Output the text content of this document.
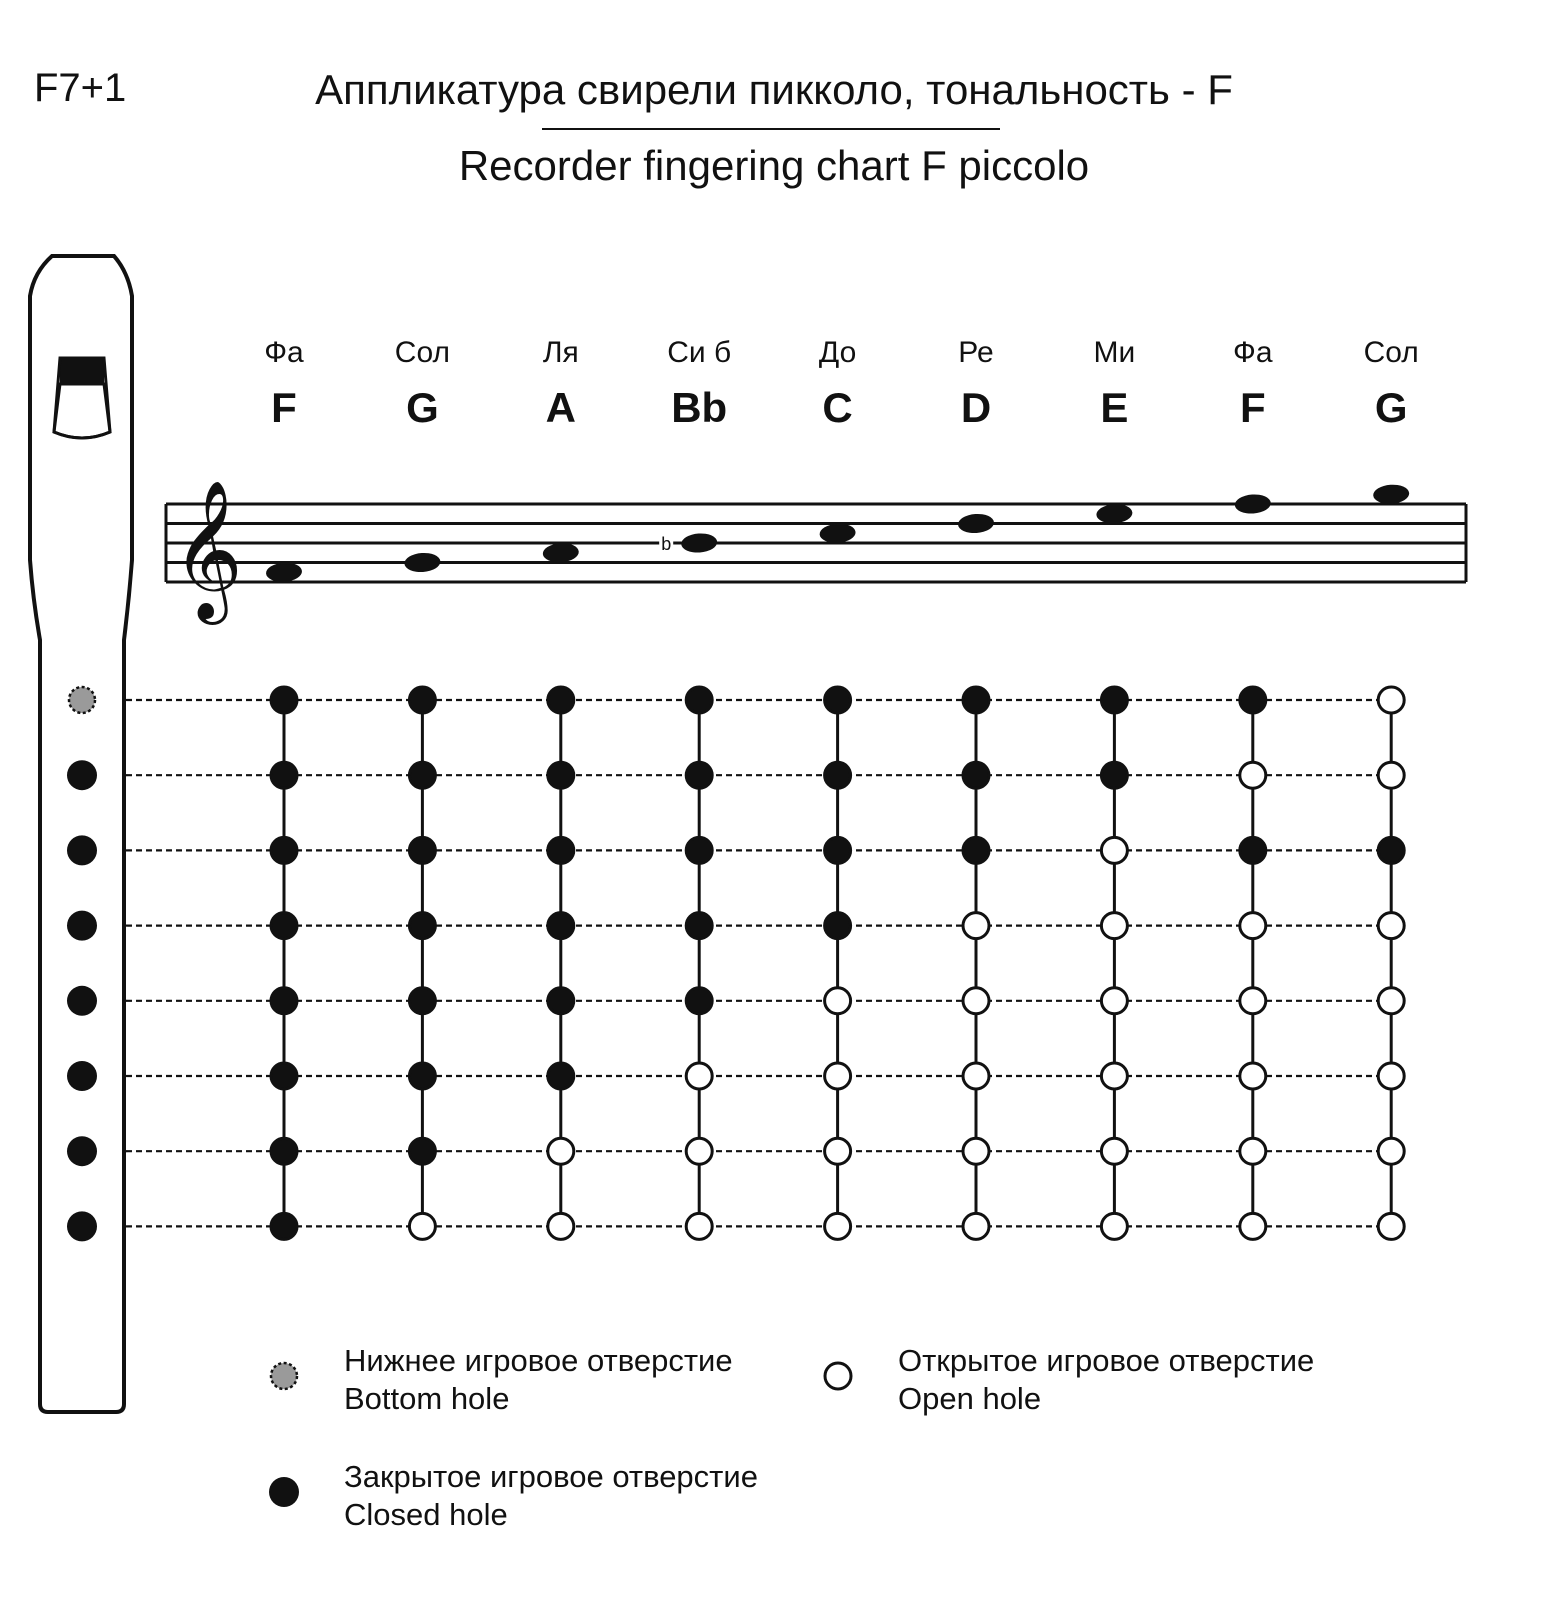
F7+1	Аппликатура свирели пикколо, тональность - F
Recorder fingering chart F piccolo
𝄞
Фа
F
Сол
G
Ля
A
Си б
Bb
До
C
Ре
D
Ми
E
Фа
F
Сол
G
b
Нижнее игровое отверстие
Bottom hole
Открытое игровое отверстие
Open hole
Закрытое игровое отверстие
Closed hole
